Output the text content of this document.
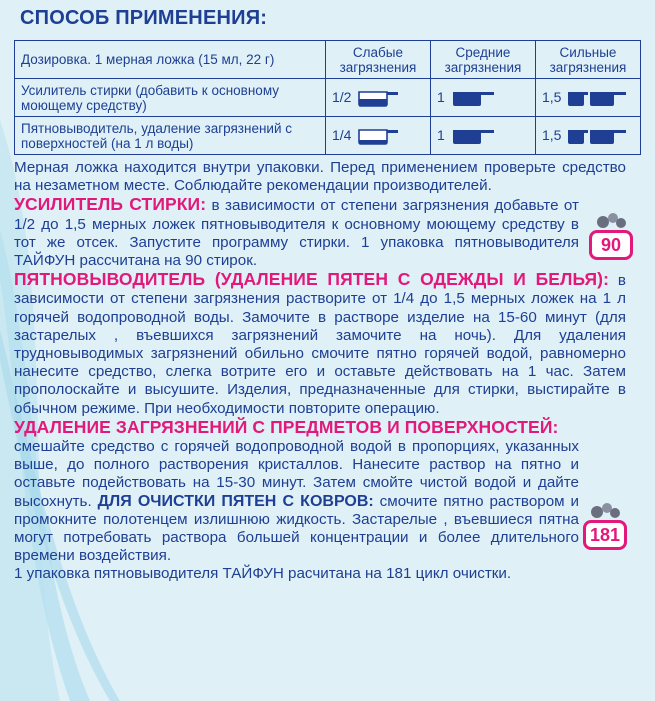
СПОСОБ ПРИМЕНЕНИЯ:
Дозировка. 1 мерная ложка (15 мл, 22 г)	Слабые загрязнения	Средние загрязнения	Сильные загрязнения
Усилитель стирки (добавить к основному моющему средству)	1/2	1	1,5

Пятновыводитель, удаление загрязнений с поверхностей (на 1 л воды)	1/4	1	1,5

Мерная ложка находится внутри упаковки. Перед применением проверьте средство на незаметном месте. Соблюдайте рекомендации производителей.

УСИЛИТЕЛЬ СТИРКИ: в зависимости от степени загрязнения добавьте от 1/2 до 1,5 мерных ложек пятновыводителя к основному моющему средству в тот же отсек. Запустите программу стирки. 1 упаковка пятновыводителя ТАЙФУН рассчитана на 90 стирок.

ПЯТНОВЫВОДИТЕЛЬ (УДАЛЕНИЕ ПЯТЕН С ОДЕЖДЫ И БЕЛЬЯ): в зависимости от степени загрязнения растворите от 1/4 до 1,5 мерных ложек на 1 л горячей водопроводной воды. Замочите в растворе изделие на 15-60 минут (для застарелых , въевшихся загрязнений замочите на ночь). Для удаления трудновыводимых загрязнений обильно смочите пятно горячей водой, равномерно нанесите средство, слегка вотрите его и оставьте действовать на 1 час. Затем прополоскайте и высушите. Изделия, предназначенные для стирки, выстирайте в обычном режиме. При необходимости повторите операцию.

УДАЛЕНИЕ ЗАГРЯЗНЕНИЙ С ПРЕДМЕТОВ И ПОВЕРХНОСТЕЙ:

смешайте средство с горячей водопроводной водой в пропорциях, указанных выше, до полного растворения кристаллов. Нанесите раствор на пятно и оставьте подействовать на 15-30 минут. Затем смойте чистой водой и дайте высохнуть. ДЛЯ ОЧИСТКИ ПЯТЕН С КОВРОВ: смочите пятно раствором и промокните полотенцем излишнюю жидкость. Застарелые , въевшиеся пятна могут потребовать раствора большей концентрации и более длительного времени воздействия.

1 упаковка пятновыводителя ТАЙФУН расчитана на 181 цикл очистки.

90
181
